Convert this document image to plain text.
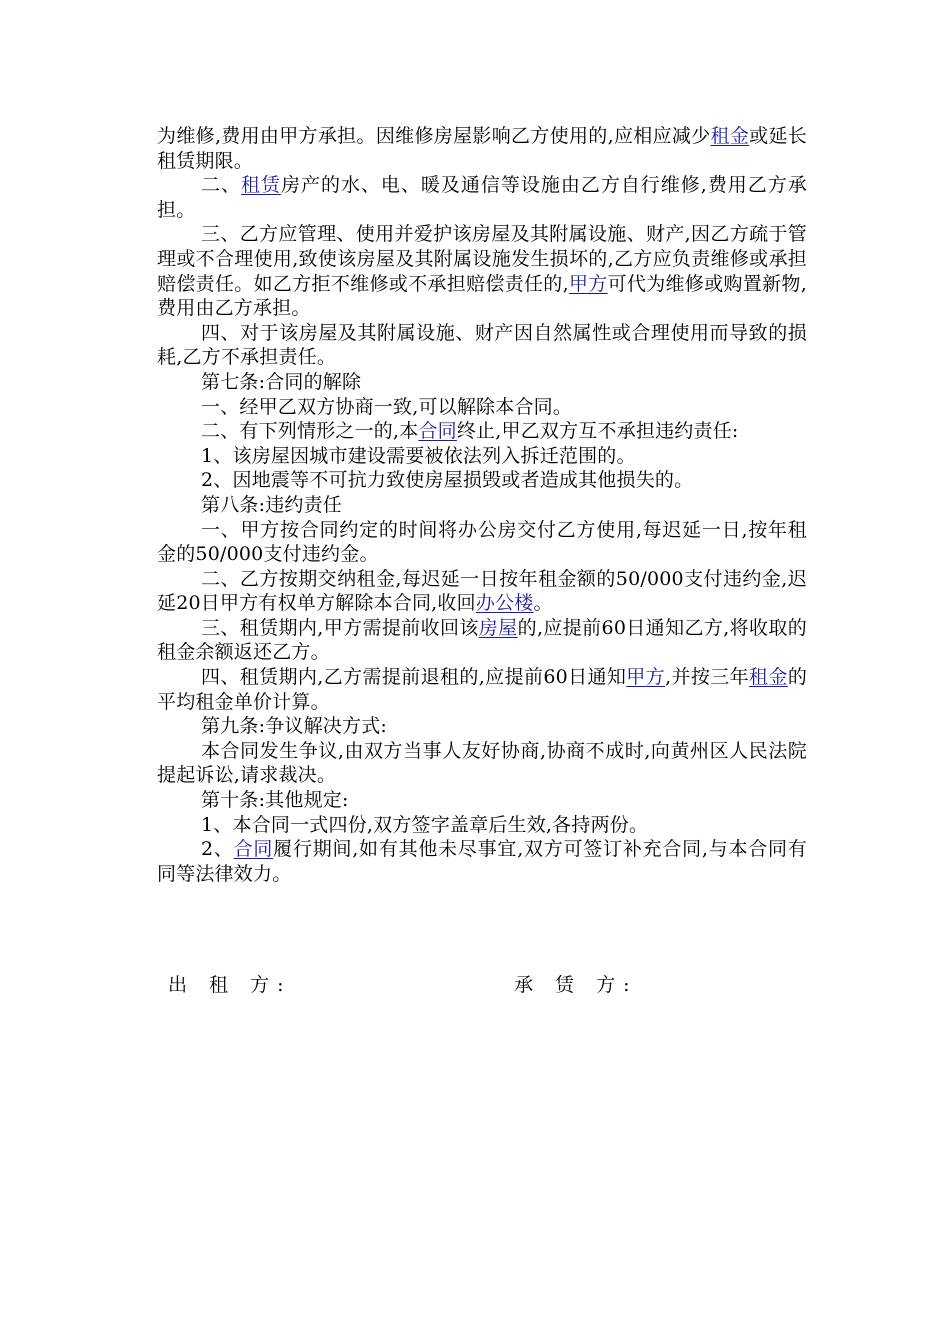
为维修,费用由甲方承担。因维修房屋影响乙方使用的,应相应减少租金或延长租赁期限。

二、租赁房产的水、电、暖及通信等设施由乙方自行维修,费用乙方承担。

三、乙方应管理、使用并爱护该房屋及其附属设施、财产,因乙方疏于管理或不合理使用,致使该房屋及其附属设施发生损坏的,乙方应负责维修或承担赔偿责任。如乙方拒不维修或不承担赔偿责任的,甲方可代为维修或购置新物,费用由乙方承担。

四、对于该房屋及其附属设施、财产因自然属性或合理使用而导致的损耗,乙方不承担责任。

第七条:合同的解除

一、经甲乙双方协商一致,可以解除本合同。

二、有下列情形之一的,本合同终止,甲乙双方互不承担违约责任:

1、该房屋因城市建设需要被依法列入拆迁范围的。

2、因地震等不可抗力致使房屋损毁或者造成其他损失的。

第八条:违约责任

一、甲方按合同约定的时间将办公房交付乙方使用,每迟延一日,按年租金的50/000支付违约金。

二、乙方按期交纳租金,每迟延一日按年租金额的50/000支付违约金,迟延20日甲方有权单方解除本合同,收回办公楼。

三、租赁期内,甲方需提前收回该房屋的,应提前60日通知乙方,将收取的租金余额返还乙方。

四、租赁期内,乙方需提前退租的,应提前60日通知甲方,并按三年租金的平均租金单价计算。

第九条:争议解决方式:

本合同发生争议,由双方当事人友好协商,协商不成时,向黄州区人民法院提起诉讼,请求裁决。

第十条:其他规定:

1、本合同一式四份,双方签字盖章后生效,各持两份。

2、合同履行期间,如有其他未尽事宜,双方可签订补充合同,与本合同有同等法律效力。

出 租 方:	承 赁 方:
